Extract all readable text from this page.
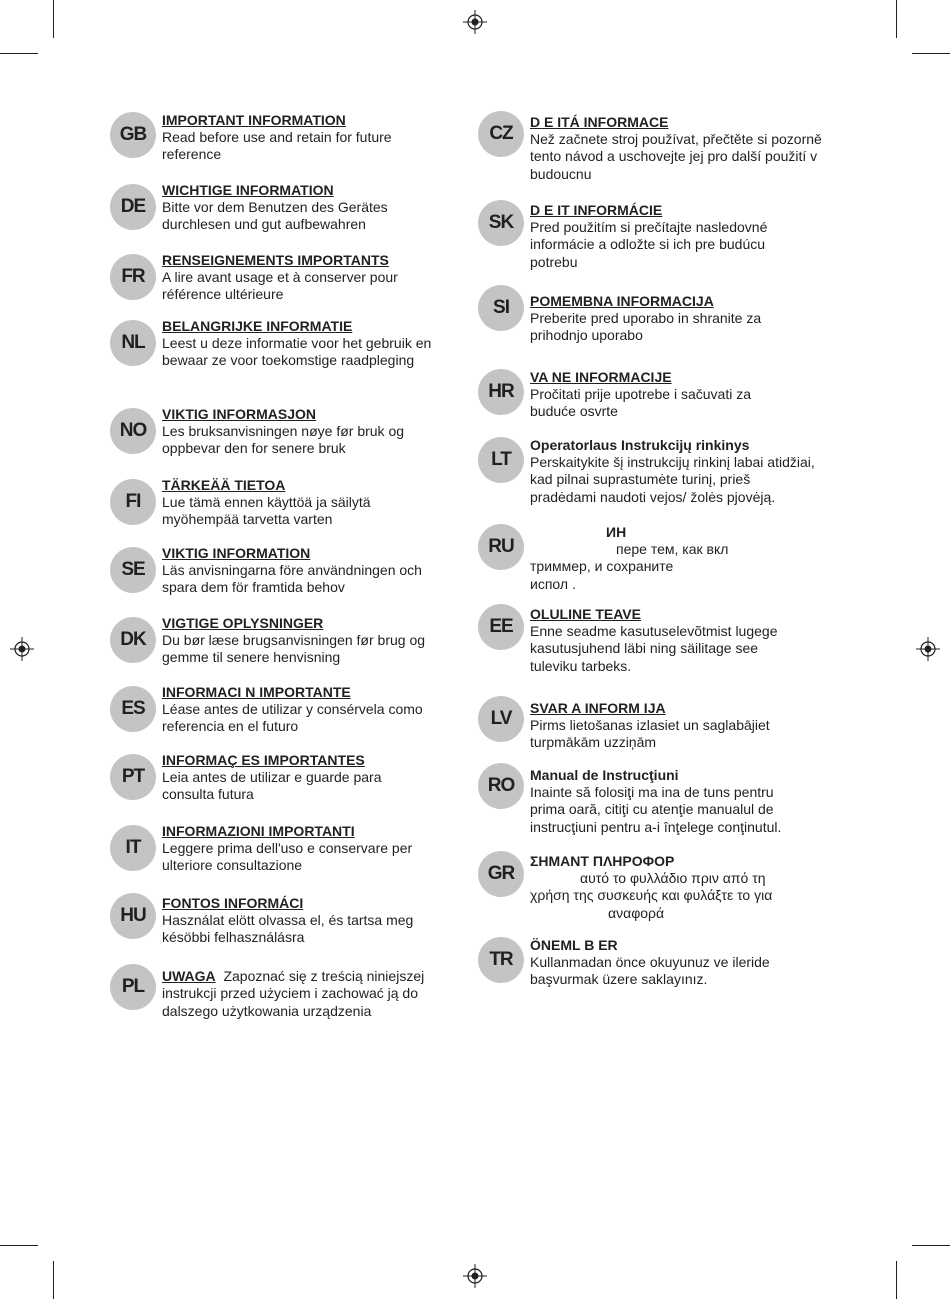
GB
IMPORTANT INFORMATION
Read before use and retain for future
reference
DE
WICHTIGE INFORMATION
Bitte vor dem Benutzen des Gerätes
durchlesen und gut aufbewahren
FR
RENSEIGNEMENTS IMPORTANTS
A lire avant usage et à conserver pour
référence ultérieure
NL
BELANGRIJKE INFORMATIE
Leest u deze informatie voor het gebruik en
bewaar ze voor toekomstige raadpleging
NO
VIKTIG INFORMASJON
Les bruksanvisningen nøye før bruk og
oppbevar den for senere bruk
FI
TÄRKEÄÄ TIETOA
Lue tämä ennen käyttöä ja säilytä
myöhempää tarvetta varten
SE
VIKTIG INFORMATION
Läs anvisningarna före användningen och
spara dem för framtida behov
DK
VIGTIGE OPLYSNINGER
Du bør læse brugsanvisningen før brug og
gemme til senere henvisning
ES
INFORMACI N IMPORTANTE
Léase antes de utilizar y consérvela como
referencia en el futuro
PT
INFORMAÇ ES IMPORTANTES
Leia antes de utilizar e guarde para
consulta futura
IT
INFORMAZIONI IMPORTANTI
Leggere prima dell'uso e conservare per
ulteriore consultazione
HU
FONTOS INFORMÁCI
Használat elött olvassa el, és tartsa meg
késöbbi felhasználásra
PL	UWAGA Zapoznać się z treścią niniejszej
instrukcji przed użyciem i zachować ją do
dalszego użytkowania urządzenia
CZ
D E ITÁ INFORMACE
Než začnete stroj používat, přečtěte si pozorně
tento návod a uschovejte jej pro další použití v
budoucnu
SK
D E IT INFORMÁCIE
Pred použitím si prečítajte nasledovné
informácie a odložte si ich pre budúcu
potrebu
SI	POMEMBNA INFORMACIJA
Preberite pred uporabo in shranite za
prihodnjo uporabo
HR
VA NE INFORMACIJE
Pročitati prije upotrebe i sačuvati za
buduće osvrte
LT
Operatorlaus Instrukcijų rinkinys
Perskaitykite šį instrukcijų rinkinį labai atidžiai,
kad pilnai suprastumėte turinį, prieš
pradėdami naudoti vejos/ žolės pjovėją.
RU
ИН
пере тем, как вкл
триммер, и сохраните
испол .
EE
OLULINE TEAVE
Enne seadme kasutuselevõtmist lugege
kasutusjuhend läbi ning säilitage see
tuleviku tarbeks.
LV	SVAR A INFORM IJA
Pirms lietošanas izlasiet un saglabājiet
turpmākām uzziņām
RO	Manual de Instrucţiuni
Inainte să folosiţi ma ina de tuns pentru
prima oară, citiţi cu atenţie manualul de
instrucţiuni pentru a-i înţelege conţinutul.
GR
ΣΗΜΑΝΤ ΠΛΗΡΟΦΟΡ
αυτό το φυλλάδιο πριν από τη
χρήση της συσκευής και φυλάξτε το για
αναφορά
TR
ÖNEML B ER
Kullanmadan önce okuyunuz ve ileride
başvurmak üzere saklayınız.
